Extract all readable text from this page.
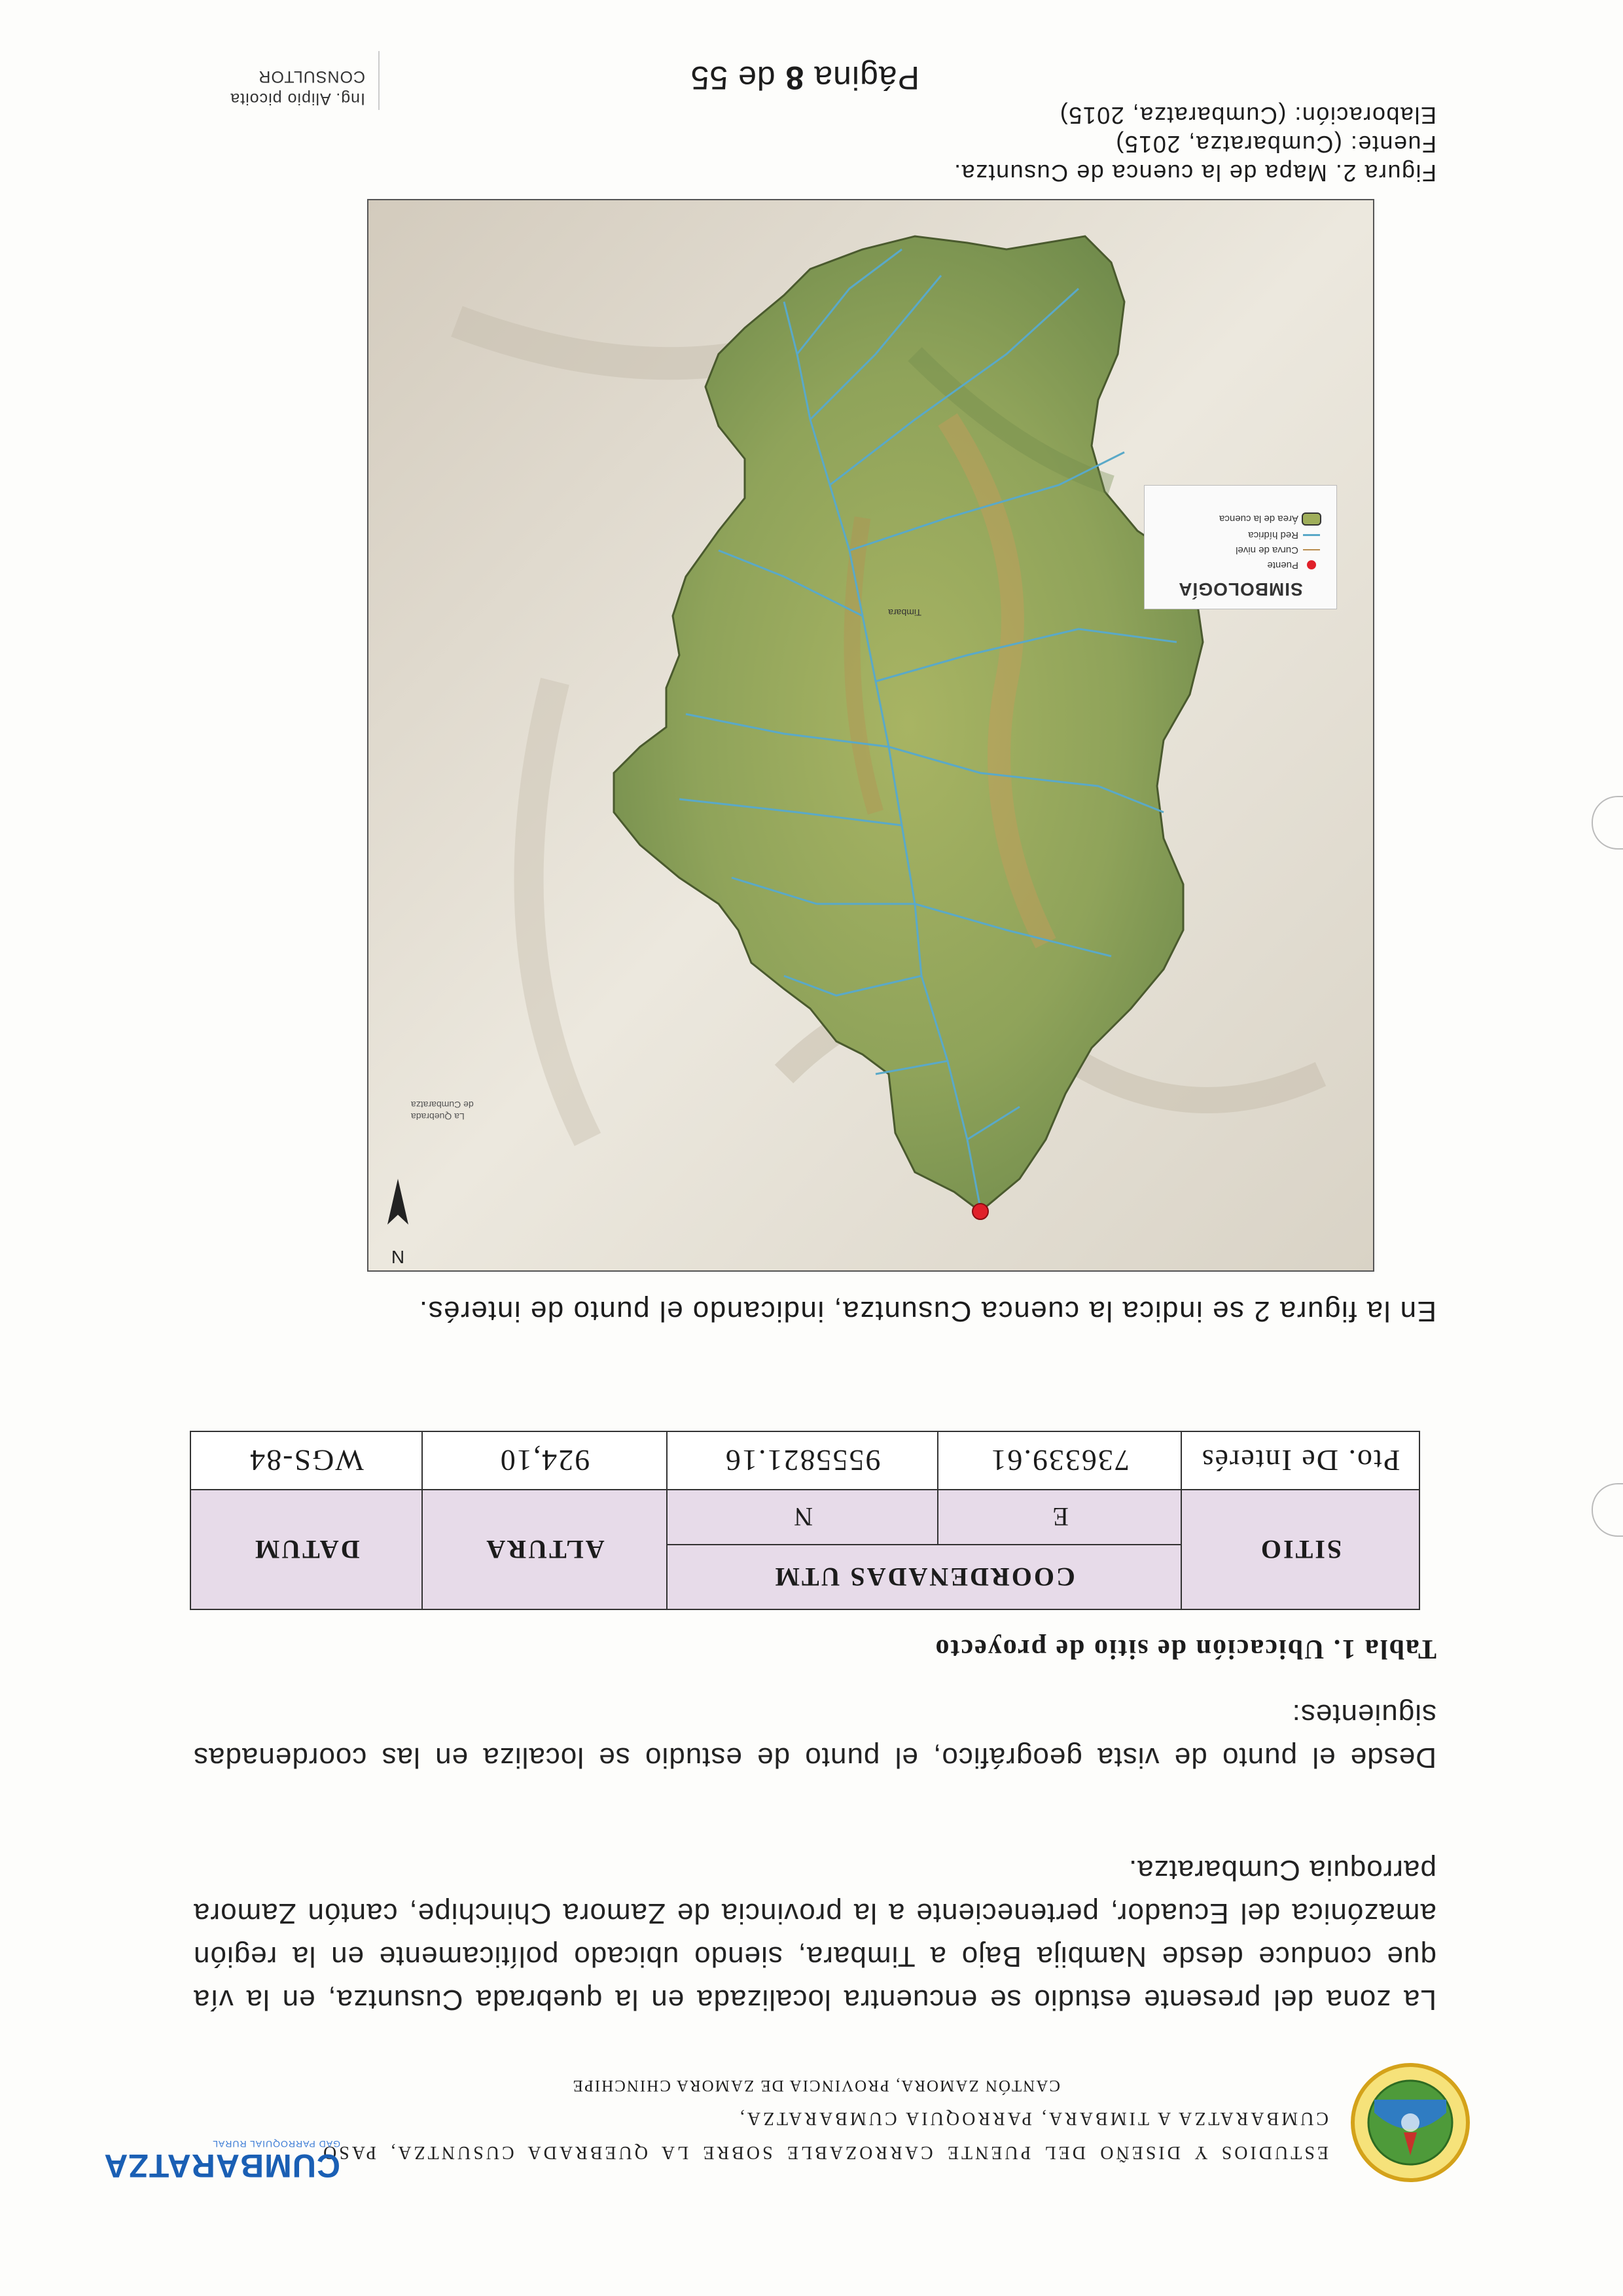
ESTUDIOS Y DISEÑO DEL PUENTE CARROZABLE SOBRE LA QUEBRADA CUSUNTZA, PASO CUMBARATZA A TIMBARA, PARROQUIA CUMBARATZA,
CUMBARATZA
GAD PARROQUIAL RURAL
CANTÓN ZAMORA, PROVINCIA DE ZAMORA CHINCHIPE

La zona del presente estudio se encuentra localizada en la quebrada Cusuntza, en la vía que conduce desde Nambija Bajo a Timbara, siendo ubicado políticamente en la región amazónica del Ecuador, perteneciente a la provincia de Zamora Chinchipe, cantón Zamora parroquia Cumbaratza.

Desde el punto de vista geográfico, el punto de estudio se localiza en las coordenadas siguientes:

Tabla 1. Ubicación de sitio de proyecto
SITIO	COORDENADAS UTM		ALTURA	DATUM
	E	N		
Pto. De Interés	736339.61	9555821.16	924,10	WGS-84
En la figura 2 se indica la cuenca Cusuntza, indicando el punto de interés.
N
Timbara
La Quebrada
de Cumbaratza
SIMBOLOGÍA
Puente
Curva de nivel
Red hídrica
Área de la cuenca
Figura 2. Mapa de la cuenca de Cusuntza.
Fuente: (Cumbaratza, 2015)
Elaboración: (Cumbaratza, 2015)
Página 8 de 55
Ing. Alipio picoita
CONSULTOR
